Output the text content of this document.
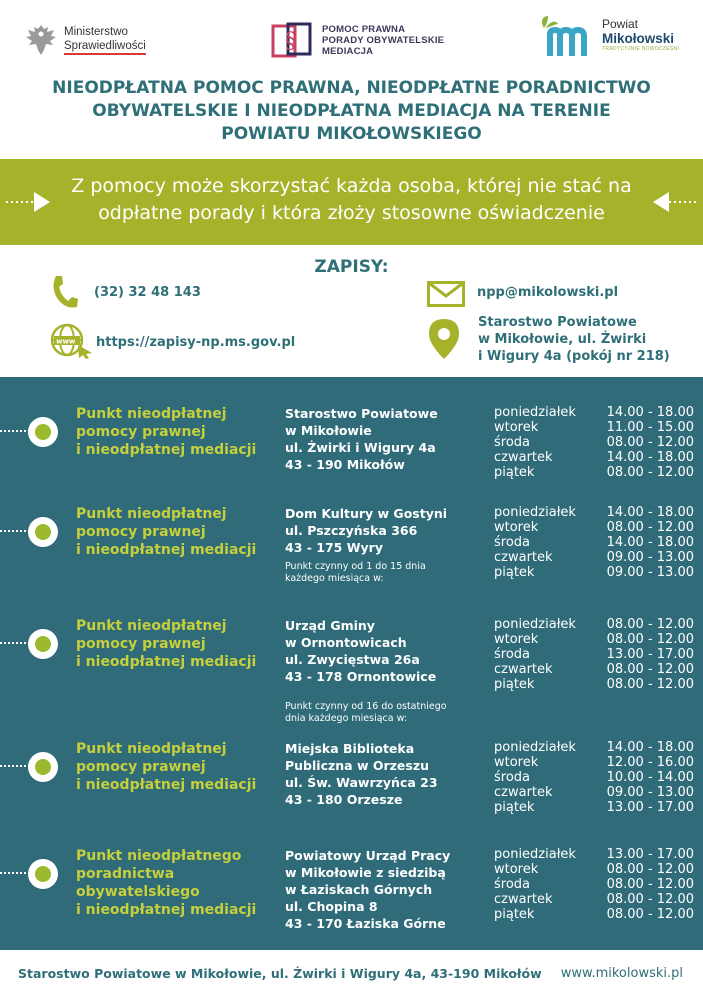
Ministerstwo
Sprawiedliwości	§	POMOC PRAWNA
PORADY OBYWATELSKIE
MEDIACJA
Powiat
Mikołowski
TRADYCYJNIE NOWOCZEŚNI
NIEODPŁATNA POMOC PRAWNA, NIEODPŁATNE PORADNICTWO
OBYWATELSKIE I NIEODPŁATNA MEDIACJA NA TERENIE
POWIATU MIKOŁOWSKIEGO
Z pomocy może skorzystać każda osoba, której nie stać na
odpłatne porady i która złoży stosowne oświadczenie
ZAPISY:
(32) 32 48 143	npp@mikolowski.pl
www https://zapisy-np.ms.gov.pl
Starostwo Powiatowe
w Mikołowie, ul. Żwirki
i Wigury 4a (pokój nr 218)
Punkt nieodpłatnej
pomocy prawnej
i nieodpłatnej mediacji
Starostwo Powiatowe
w Mikołowie
ul. Żwirki i Wigury 4a
43 - 190 Mikołów
poniedziałek	14.00 - 18.00
wtorek	11.00 - 15.00
środa	08.00 - 12.00
czwartek	14.00 - 18.00
piątek	08.00 - 12.00
Punkt nieodpłatnej
pomocy prawnej
i nieodpłatnej mediacji
Dom Kultury w Gostyni
ul. Pszczyńska 366
43 - 175 Wyry
Punkt czynny od 1 do 15 dnia
każdego miesiąca w:
poniedziałek	14.00 - 18.00
wtorek	08.00 - 12.00
środa	14.00 - 18.00
czwartek	09.00 - 13.00
piątek	09.00 - 13.00
Punkt nieodpłatnej
pomocy prawnej
i nieodpłatnej mediacji
Urząd Gminy
w Ornontowicach
ul. Zwycięstwa 26a
43 - 178 Ornontowice
Punkt czynny od 16 do ostatniego
dnia każdego miesiąca w:
poniedziałek	08.00 - 12.00
wtorek	08.00 - 12.00
środa	13.00 - 17.00
czwartek	08.00 - 12.00
piątek	08.00 - 12.00
Punkt nieodpłatnej
pomocy prawnej
i nieodpłatnej mediacji
Miejska Biblioteka
Publiczna w Orzeszu
ul. Św. Wawrzyńca 23
43 - 180 Orzesze
poniedziałek	14.00 - 18.00
wtorek	12.00 - 16.00
środa	10.00 - 14.00
czwartek	09.00 - 13.00
piątek	13.00 - 17.00
Punkt nieodpłatnego
poradnictwa
obywatelskiego
i nieodpłatnej mediacji
Powiatowy Urząd Pracy
w Mikołowie z siedzibą
w Łaziskach Górnych
ul. Chopina 8
43 - 170 Łaziska Górne
poniedziałek	13.00 - 17.00
wtorek	08.00 - 12.00
środa	08.00 - 12.00
czwartek	08.00 - 12.00
piątek	08.00 - 12.00
Starostwo Powiatowe w Mikołowie, ul. Żwirki i Wigury 4a, 43-190 Mikołów www.mikolowski.pl
